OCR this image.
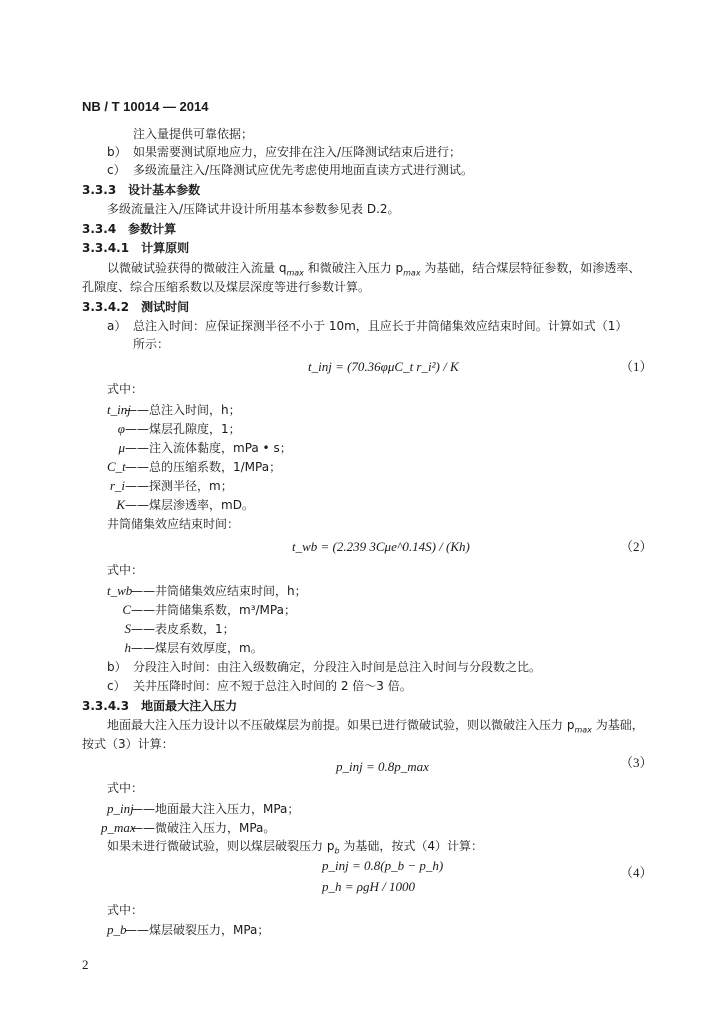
NB / T 10014 — 2014
注入量提供可靠依据；
b） 如果需要测试原地应力，应安排在注入/压降测试结束后进行；
c） 多级流量注入/压降测试应优先考虑使用地面直读方式进行测试。
3.3.3　设计基本参数
多级流量注入/压降试井设计所用基本参数参见表 D.2。
3.3.4　参数计算
3.3.4.1　计算原则
以微破试验获得的微破注入流量 $q_{max}$ 和微破注入压力 $p_{max}$ 为基础，结合煤层特征参数，如渗透率、
孔隙度、综合压缩系数以及煤层深度等进行参数计算。
3.3.4.2　测试时间
a） 总注入时间：应保证探测半径不小于 10m，且应长于井筒储集效应结束时间。计算如式（1）
所示：
t_inj = (70.36φμC_t r_i²) / K	（1）
式中：
t_inj——总注入时间，h；
φ——煤层孔隙度，1；
μ——注入流体黏度，mPa • s；
C_t——总的压缩系数，1/MPa；
r_i——探测半径，m；
K——煤层渗透率，mD。
井筒储集效应结束时间：
t_wb = (2.239 3Cμe^0.14S) / (Kh)	（2）
式中：
t_wb——井筒储集效应结束时间，h；
C——井筒储集系数，m³/MPa；
S——表皮系数，1；
h——煤层有效厚度，m。
b） 分段注入时间：由注入级数确定，分段注入时间是总注入时间与分段数之比。
c） 关井压降时间：应不短于总注入时间的 2 倍～3 倍。
3.3.4.3　地面最大注入压力
地面最大注入压力设计以不压破煤层为前提。如果已进行微破试验，则以微破注入压力 $p_{max}$ 为基础，
按式（3）计算：
p_inj = 0.8p_max	（3）
式中：
p_inj——地面最大注入压力，MPa；
p_max——微破注入压力，MPa。
如果未进行微破试验，则以煤层破裂压力 $p_b$ 为基础，按式（4）计算：
p_inj = 0.8(p_b − p_h)
p_h = ρgH / 1000
（4）
式中：
p_b——煤层破裂压力，MPa；
2
